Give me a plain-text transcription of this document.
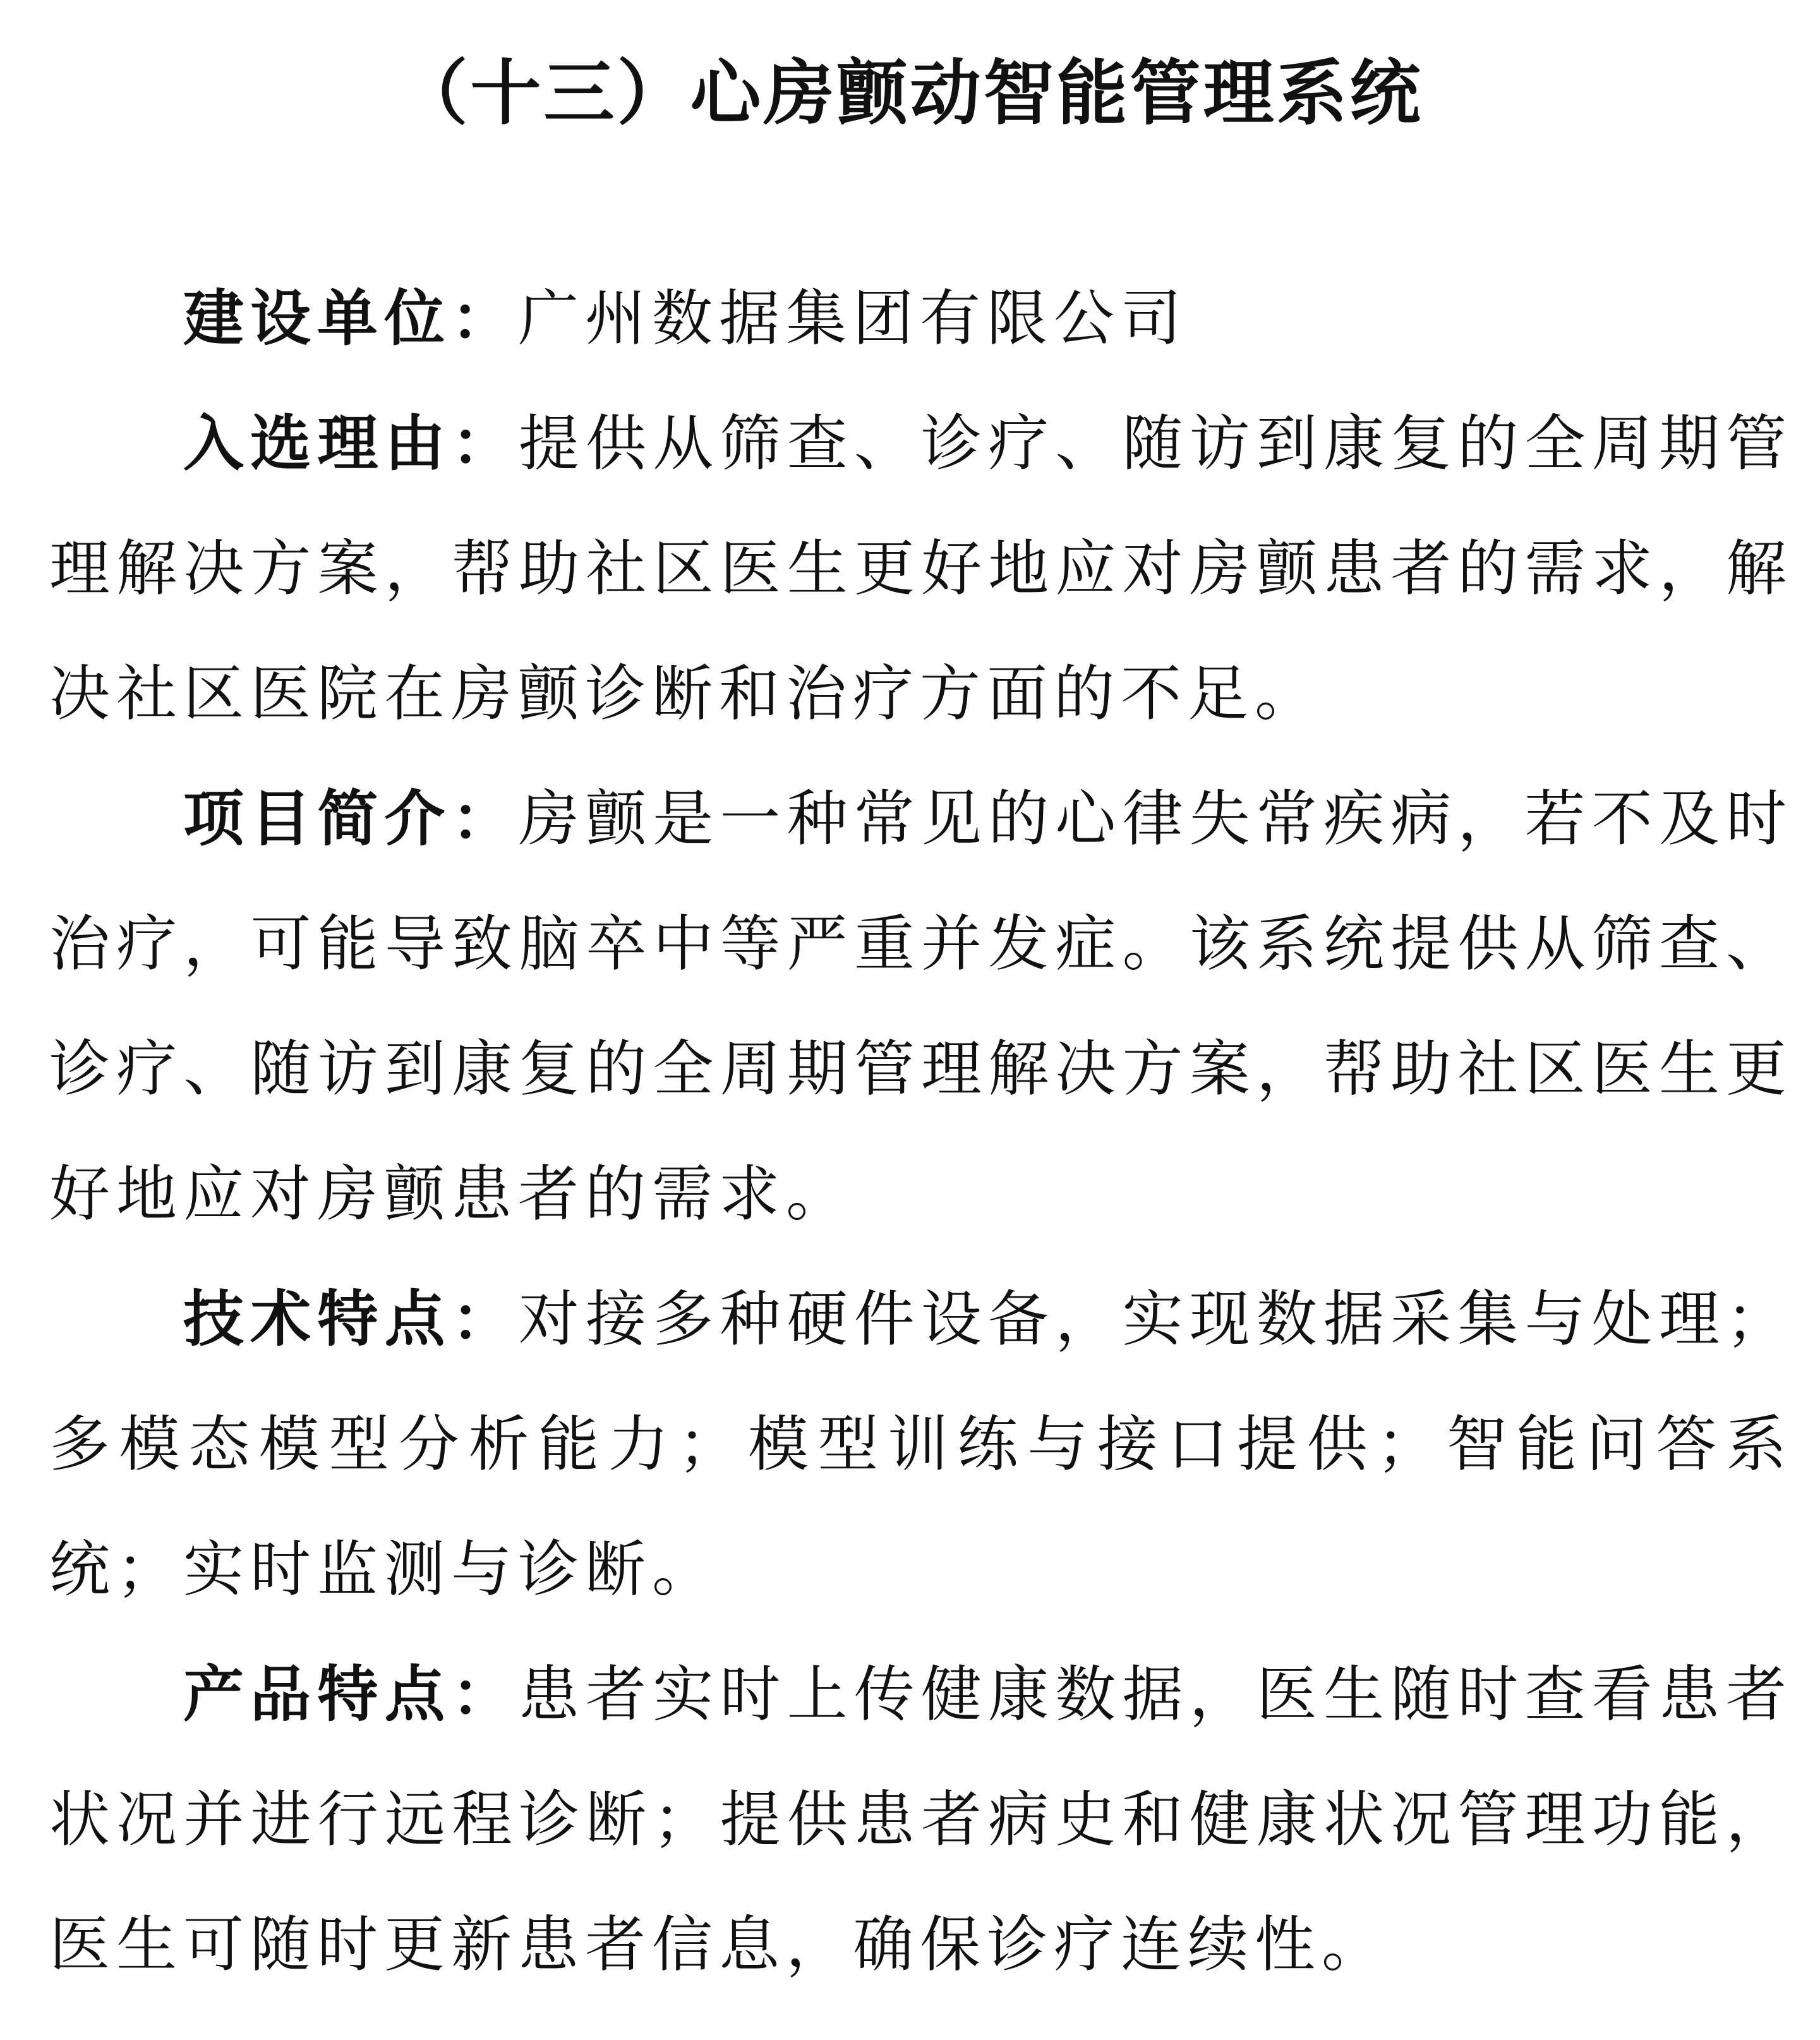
（十三）心房颤动智能管理系统

建设单位：广州数据集团有限公司

入选理由：提供从筛查、诊疗、随访到康复的全周期管理解决方案，帮助社区医生更好地应对房颤患者的需求，解决社区医院在房颤诊断和治疗方面的不足。

项目简介：房颤是一种常见的心律失常疾病，若不及时治疗，可能导致脑卒中等严重并发症。该系统提供从筛查、诊疗、随访到康复的全周期管理解决方案，帮助社区医生更好地应对房颤患者的需求。

技术特点：对接多种硬件设备，实现数据采集与处理；多模态模型分析能力；模型训练与接口提供；智能问答系统；实时监测与诊断。

产品特点：患者实时上传健康数据，医生随时查看患者状况并进行远程诊断；提供患者病史和健康状况管理功能，医生可随时更新患者信息，确保诊疗连续性。
